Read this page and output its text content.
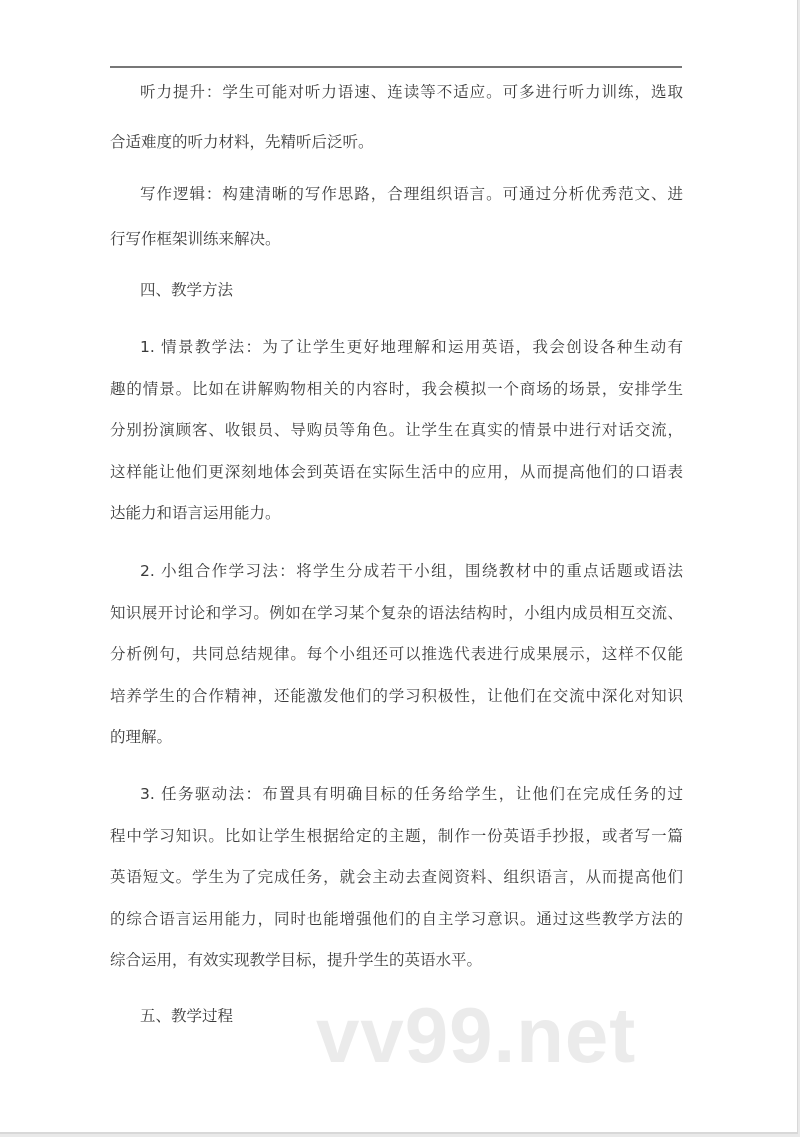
听力提升：学生可能对听力语速、连读等不适应。可多进行听力训练，选取
合适难度的听力材料，先精听后泛听。
写作逻辑：构建清晰的写作思路，合理组织语言。可通过分析优秀范文、进
行写作框架训练来解决。
四、教学方法
1. 情景教学法：为了让学生更好地理解和运用英语，我会创设各种生动有
趣的情景。比如在讲解购物相关的内容时，我会模拟一个商场的场景，安排学生
分别扮演顾客、收银员、导购员等角色。让学生在真实的情景中进行对话交流，
这样能让他们更深刻地体会到英语在实际生活中的应用，从而提高他们的口语表
达能力和语言运用能力。
2. 小组合作学习法：将学生分成若干小组，围绕教材中的重点话题或语法
知识展开讨论和学习。例如在学习某个复杂的语法结构时，小组内成员相互交流、
分析例句，共同总结规律。每个小组还可以推选代表进行成果展示，这样不仅能
培养学生的合作精神，还能激发他们的学习积极性，让他们在交流中深化对知识
的理解。
3. 任务驱动法：布置具有明确目标的任务给学生，让他们在完成任务的过
程中学习知识。比如让学生根据给定的主题，制作一份英语手抄报，或者写一篇
英语短文。学生为了完成任务，就会主动去查阅资料、组织语言，从而提高他们
的综合语言运用能力，同时也能增强他们的自主学习意识。通过这些教学方法的
综合运用，有效实现教学目标，提升学生的英语水平。
五、教学过程	vv99.net
